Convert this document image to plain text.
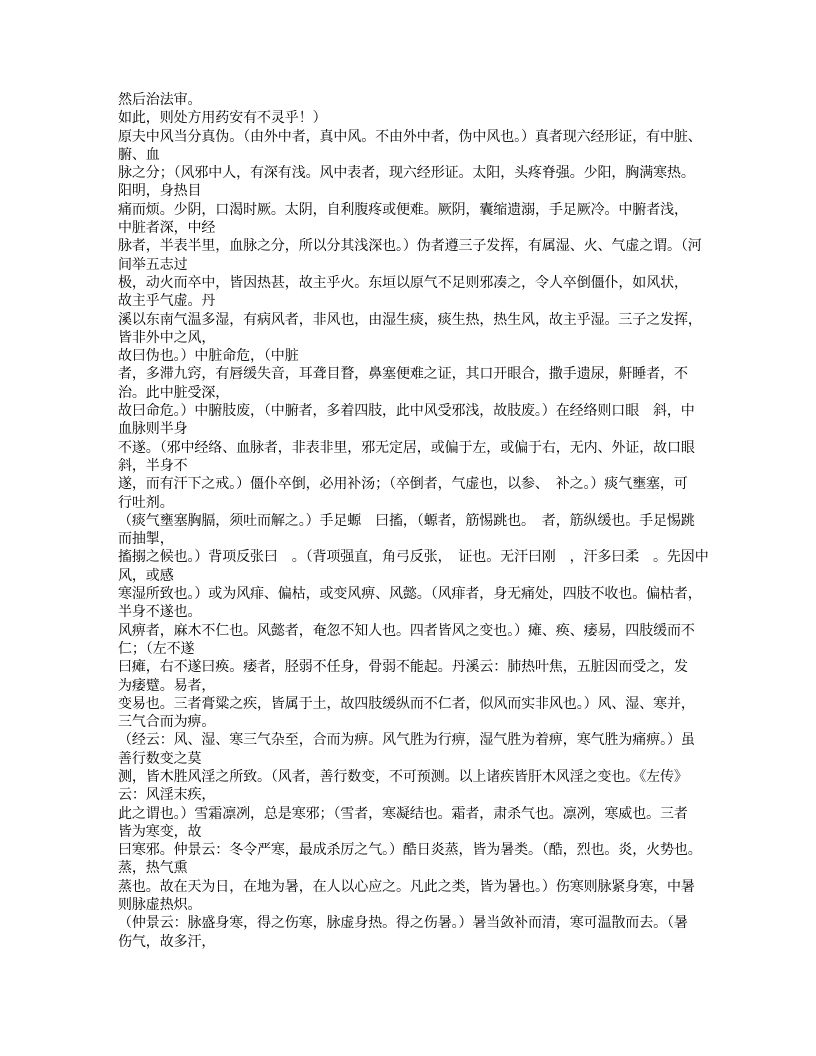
然后治法审。
如此，则处方用药安有不灵乎！）
原夫中风当分真伪。（由外中者，真中风。不由外中者，伪中风也。）真者现六经形证，有中脏、
腑、血
脉之分；（风邪中人，有深有浅。风中表者，现六经形证。太阳，头疼脊强。少阳，胸满寒热。
阳明，身热目
痛而烦。少阴，口渴时厥。太阴，自利腹疼或便难。厥阴，囊缩遗溺，手足厥冷。中腑者浅，
中脏者深，中经
脉者，半表半里，血脉之分，所以分其浅深也。）伪者遵三子发挥，有属湿、火、气虚之谓。（河
间举五志过
极，动火而卒中，皆因热甚，故主乎火。东垣以原气不足则邪凑之，令人卒倒僵仆，如风状，
故主乎气虚。丹
溪以东南气温多湿，有病风者，非风也，由湿生痰，痰生热，热生风，故主乎湿。三子之发挥，
皆非外中之风，
故曰伪也。）中脏命危，（中脏
者，多滞九窍，有唇缓失音，耳聋目瞀，鼻塞便难之证，其口开眼合，撒手遗尿，鼾睡者，不
治。此中脏受深，
故曰命危。）中腑肢废，（中腑者，多着四肢，此中风受邪浅，故肢废。）在经络则口眼　斜，中
血脉则半身
不遂。（邪中经络、血脉者，非表非里，邪无定居，或偏于左，或偏于右，无内、外证，故口眼
斜，半身不
遂，而有汗下之戒。）僵仆卒倒，必用补汤；（卒倒者，气虚也，以参、　补之。）痰气壅塞，可
行吐剂。
（痰气壅塞胸膈，须吐而解之。）手足螈　曰搐，（螈者，筋惕跳也。　者，筋纵缓也。手足惕跳
而抽掣，
搐搦之候也。）背项反张曰　。（背项强直，角弓反张，　证也。无汗曰刚　，汗多曰柔　。先因中
风，或感
寒湿所致也。）或为风痱、偏枯，或变风痹、风懿。（风痱者，身无痛处，四肢不收也。偏枯者，
半身不遂也。
风痹者，麻木不仁也。风懿者，奄忽不知人也。四者皆风之变也。）瘫、痪、痿易，四肢缓而不
仁；（左不遂
曰瘫，右不遂曰痪。痿者，胫弱不任身，骨弱不能起。丹溪云：肺热叶焦，五脏因而受之，发
为痿躄。易者，
变易也。三者膏粱之疾，皆属于土，故四肢缓纵而不仁者，似风而实非风也。）风、湿、寒并，
三气合而为痹。
（经云：风、湿、寒三气杂至，合而为痹。风气胜为行痹，湿气胜为着痹，寒气胜为痛痹。）虽
善行数变之莫
测，皆木胜风淫之所致。（风者，善行数变，不可预测。以上诸疾皆肝木风淫之变也。《左传》
云：风淫末疾，
此之谓也。）雪霜凛冽，总是寒邪；（雪者，寒凝结也。霜者，肃杀气也。凛冽，寒威也。三者
皆为寒变，故
曰寒邪。仲景云：冬令严寒，最成杀厉之气。）酷日炎蒸，皆为暑类。（酷，烈也。炎，火势也。
蒸，热气熏
蒸也。故在天为日，在地为暑，在人以心应之。凡此之类，皆为暑也。）伤寒则脉紧身寒，中暑
则脉虚热炽。
（仲景云：脉盛身寒，得之伤寒，脉虚身热。得之伤暑。）暑当敛补而清，寒可温散而去。（暑
伤气，故多汗，
